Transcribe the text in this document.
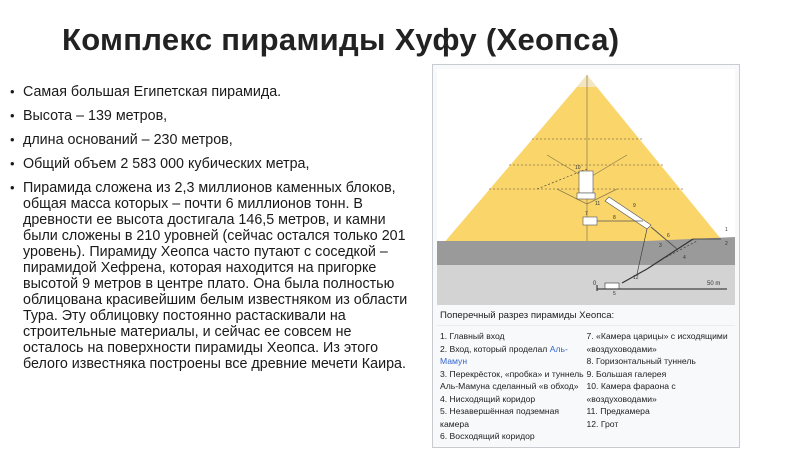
Комплекс пирамиды Хуфу (Хеопса)
• Самая большая Египетская пирамида.
• Высота – 139 метров,
• длина оснований – 230 метров,
• Общий объем 2 583 000 кубических метра,
• Пирамида сложена из 2,3 миллионов каменных блоков, общая масса которых – почти 6 миллионов тонн. В древности ее высота достигала 146,5 метров, и камни были сложены в 210 уровней (сейчас остался только 201 уровень). Пирамиду Хеопса часто путают с соседкой – пирамидой Хефрена, которая находится на пригорке высотой 9 метров в центре плато. Она была полностью облицована красивейшим белым известняком из области Тура. Эту облицовку постоянно растаскивали на строительные материалы, и сейчас ее совсем не осталось на поверхности пирамиды Хеопса. Из этого белого известняка построены все древние мечети Каира.
1
2
3
4
5
6
7
8
9
10
11
12
0	50 m
Поперечный разрез пирамиды Хеопса:
1. Главный вход
2. Вход, который проделал Аль-Мамун
3. Перекрёсток, «пробка» и туннель Аль-Мамуна сделанный «в обход»
4. Нисходящий коридор
5. Незавершённая подземная камера
6. Восходящий коридор
7. «Камера царицы» с исходящими «воздуховодами»
8. Горизонтальный туннель
9. Большая галерея
10. Камера фараона с «воздуховодами»
11. Предкамера
12. Грот
